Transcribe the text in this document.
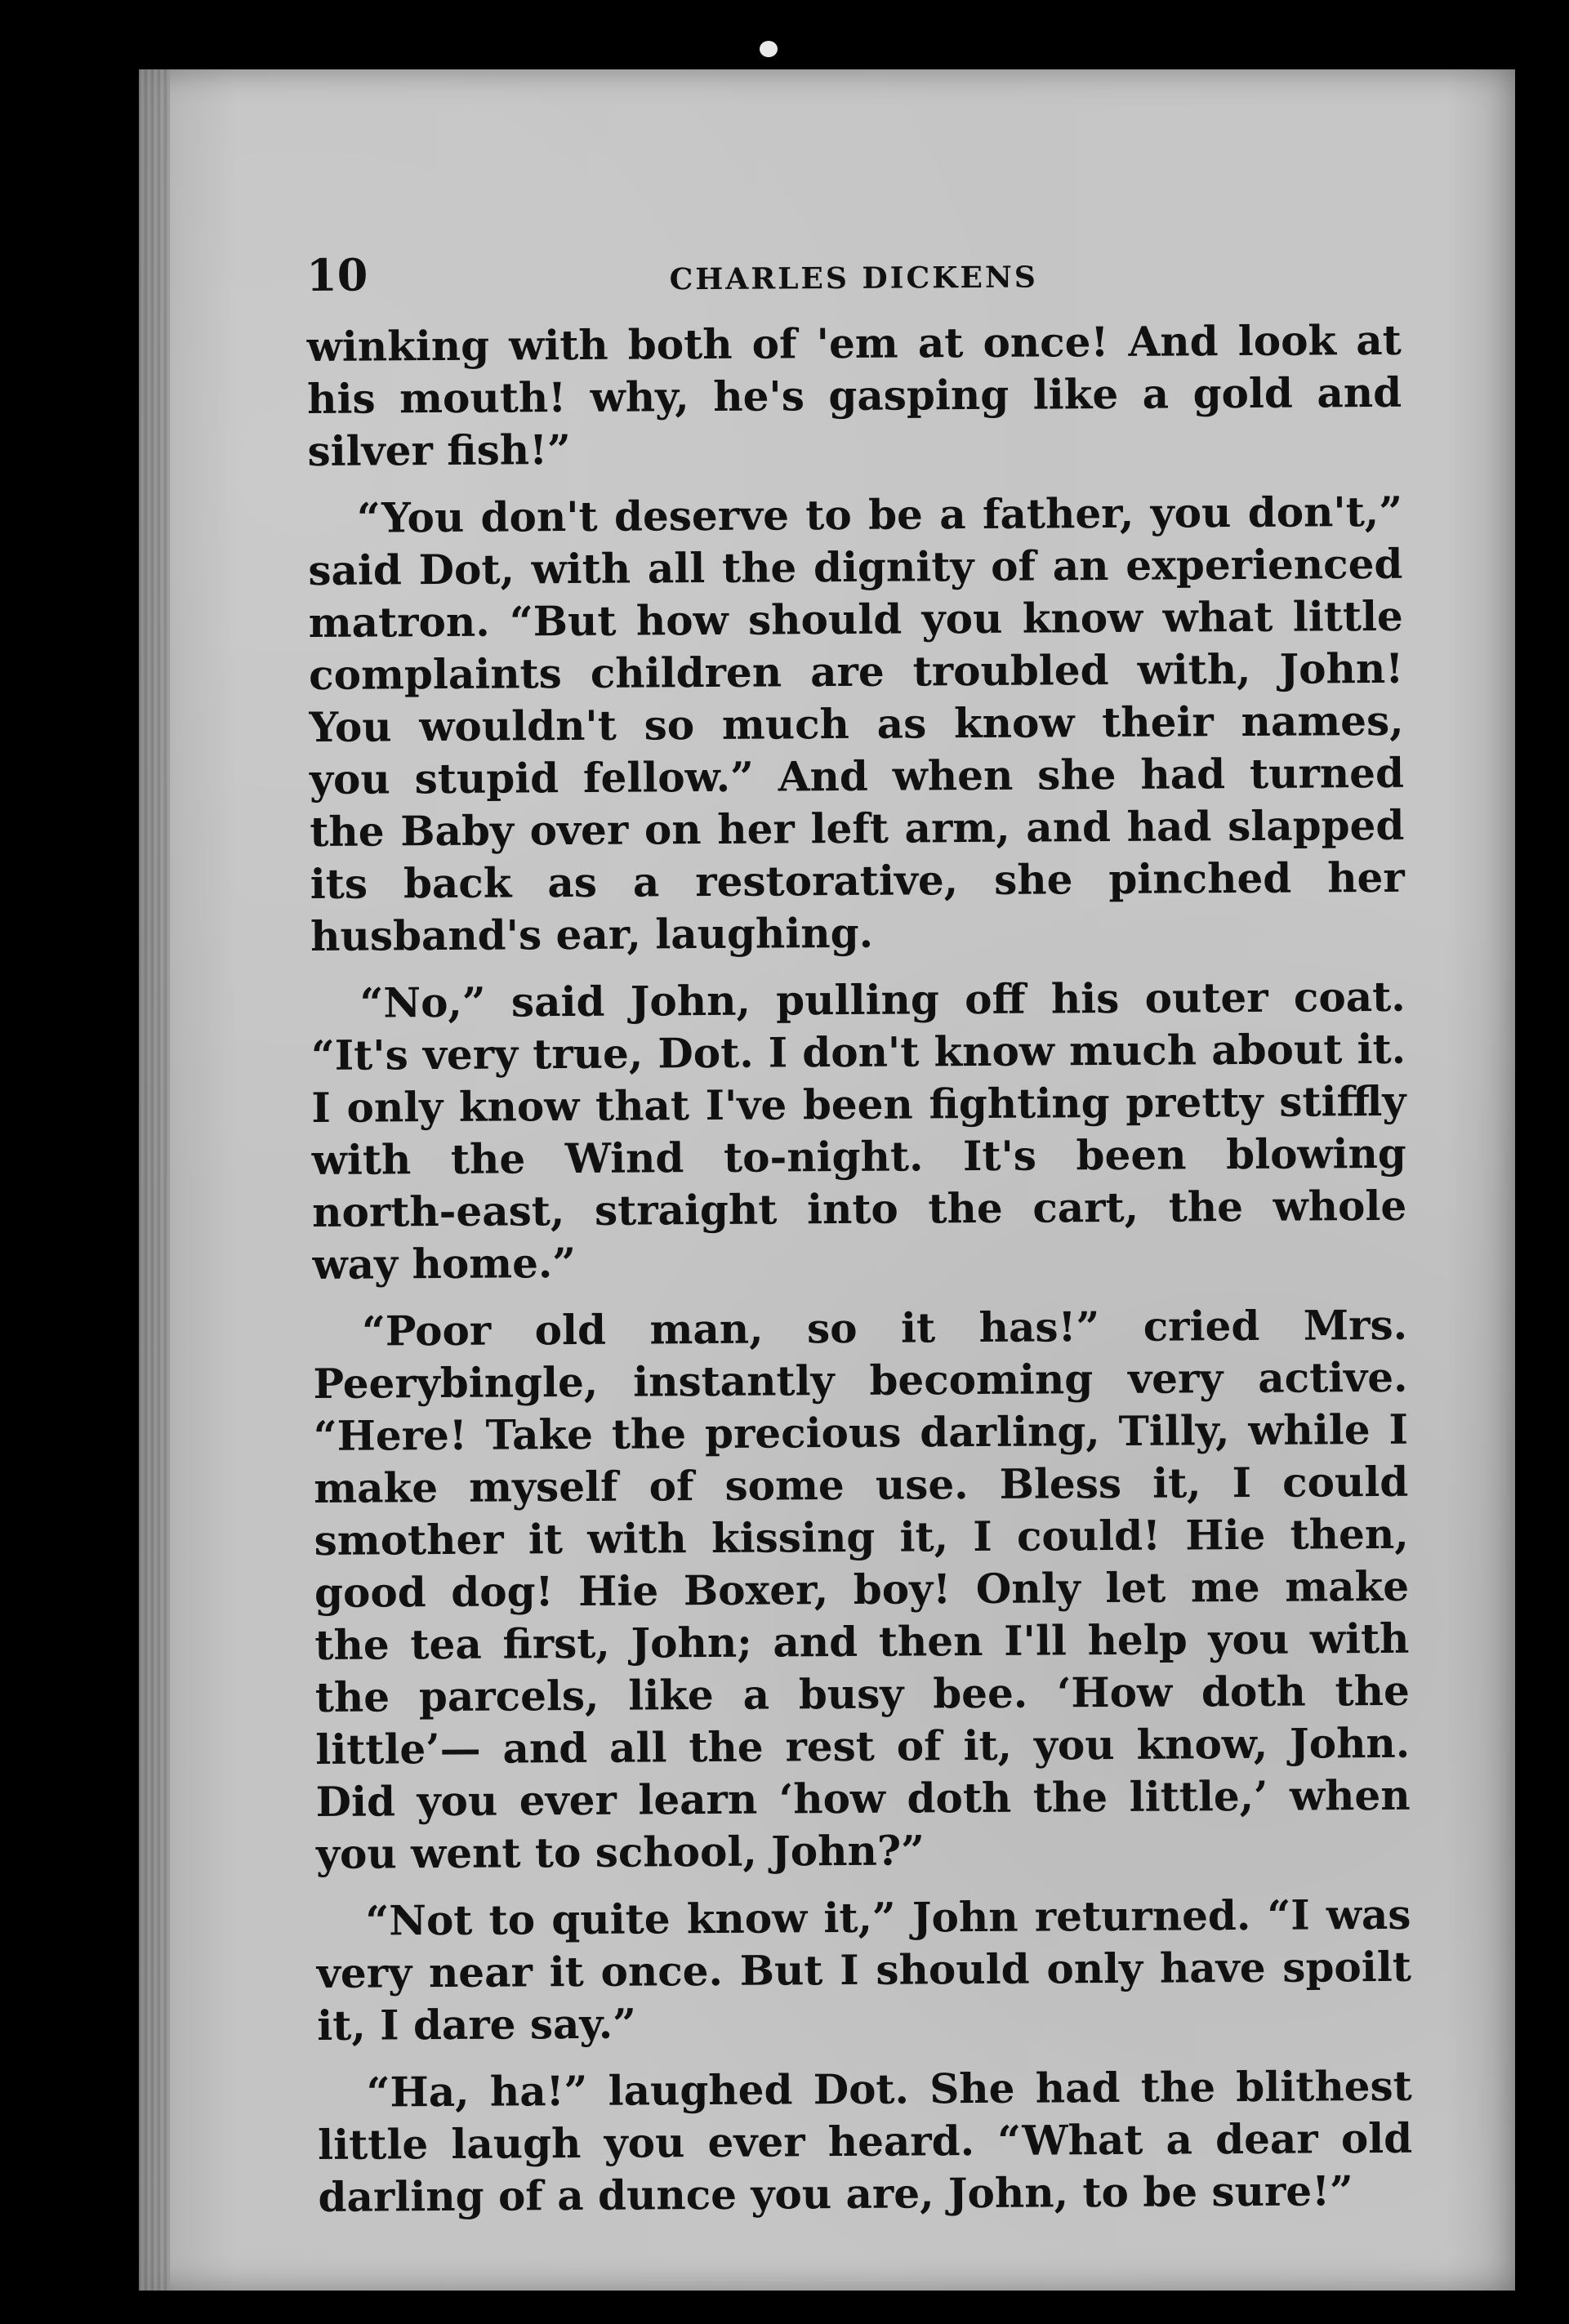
10	CHARLES DICKENS

winking with both of 'em at once! And look at his mouth! why, he's gasping like a gold and silver fish!”

“You don't deserve to be a father, you don't,” said Dot, with all the dignity of an experienced matron. “But how should you know what little complaints children are troubled with, John! You wouldn't so much as know their names, you stupid fellow.” And when she had turned the Baby over on her left arm, and had slapped its back as a restorative, she pinched her husband's ear, laughing.

“No,” said John, pulling off his outer coat. “It's very true, Dot. I don't know much about it. I only know that I've been fighting pretty stiffly with the Wind to-night. It's been blowing north-east, straight into the cart, the whole way home.”

“Poor old man, so it has!” cried Mrs. Peerybingle, instantly becoming very active. “Here! Take the precious darling, Tilly, while I make myself of some use. Bless it, I could smother it with kissing it, I could! Hie then, good dog! Hie Boxer, boy! Only let me make the tea first, John; and then I'll help you with the parcels, like a busy bee. ‘How doth the little’— and all the rest of it, you know, John. Did you ever learn ‘how doth the little,’ when you went to school, John?”

“Not to quite know it,” John returned. “I was very near it once. But I should only have spoilt it, I dare say.”

“Ha, ha!” laughed Dot. She had the blithest little laugh you ever heard. “What a dear old darling of a dunce you are, John, to be sure!”
